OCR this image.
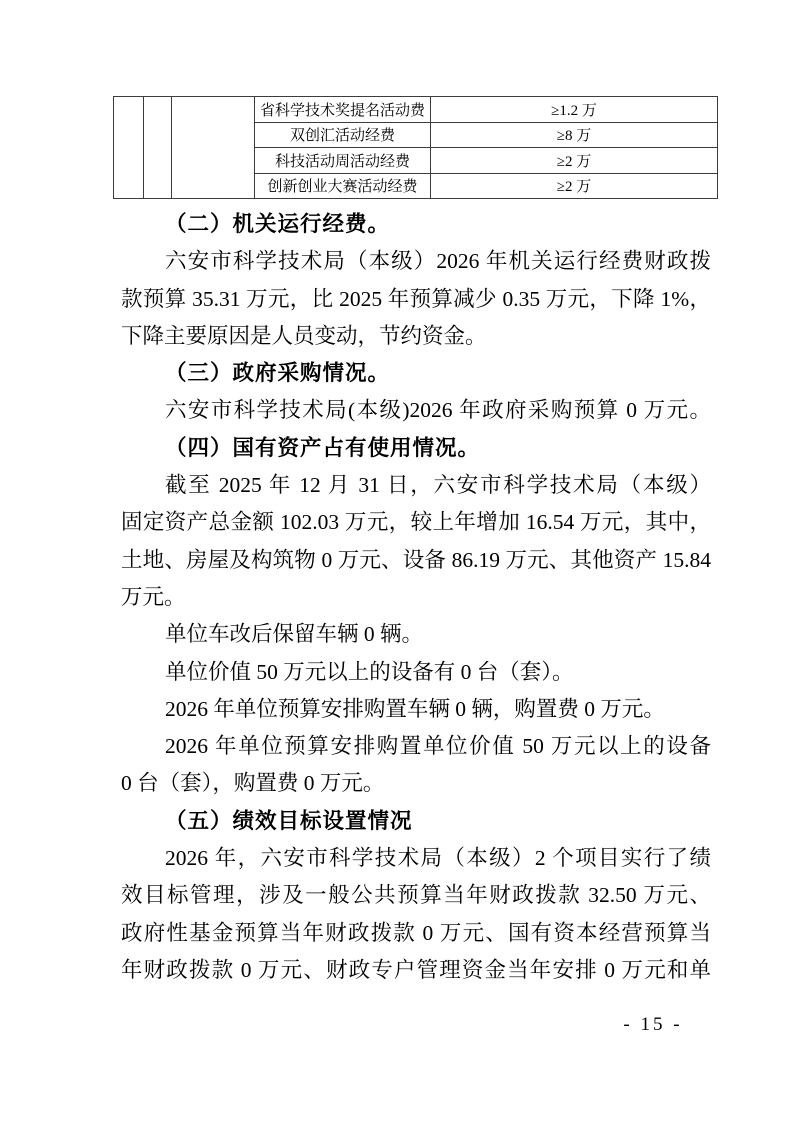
			省科学技术奖提名活动费	≥1.2 万
			双创汇活动经费	≥8 万
			科技活动周活动经费	≥2 万
			创新创业大赛活动经费	≥2 万
（二）机关运行经费。
六安市科学技术局（本级）2026 年机关运行经费财政拨
款预算 35.31 万元，比 2025 年预算减少 0.35 万元，下降 1%，
下降主要原因是人员变动，节约资金。
（三）政府采购情况。
六安市科学技术局(本级)2026 年政府采购预算 0 万元。
（四）国有资产占有使用情况。
截至 2025 年 12 月 31 日，六安市科学技术局（本级）
固定资产总金额 102.03 万元，较上年增加 16.54 万元，其中，
土地、房屋及构筑物 0 万元、设备 86.19 万元、其他资产 15.84
万元。
单位车改后保留车辆 0 辆。
单位价值 50 万元以上的设备有 0 台（套）。
2026 年单位预算安排购置车辆 0 辆，购置费 0 万元。
2026 年单位预算安排购置单位价值 50 万元以上的设备
0 台（套），购置费 0 万元。
（五）绩效目标设置情况
2026 年，六安市科学技术局（本级）2 个项目实行了绩
效目标管理，涉及一般公共预算当年财政拨款 32.50 万元、
政府性基金预算当年财政拨款 0 万元、国有资本经营预算当
年财政拨款 0 万元、财政专户管理资金当年安排 0 万元和单
- 15 -
